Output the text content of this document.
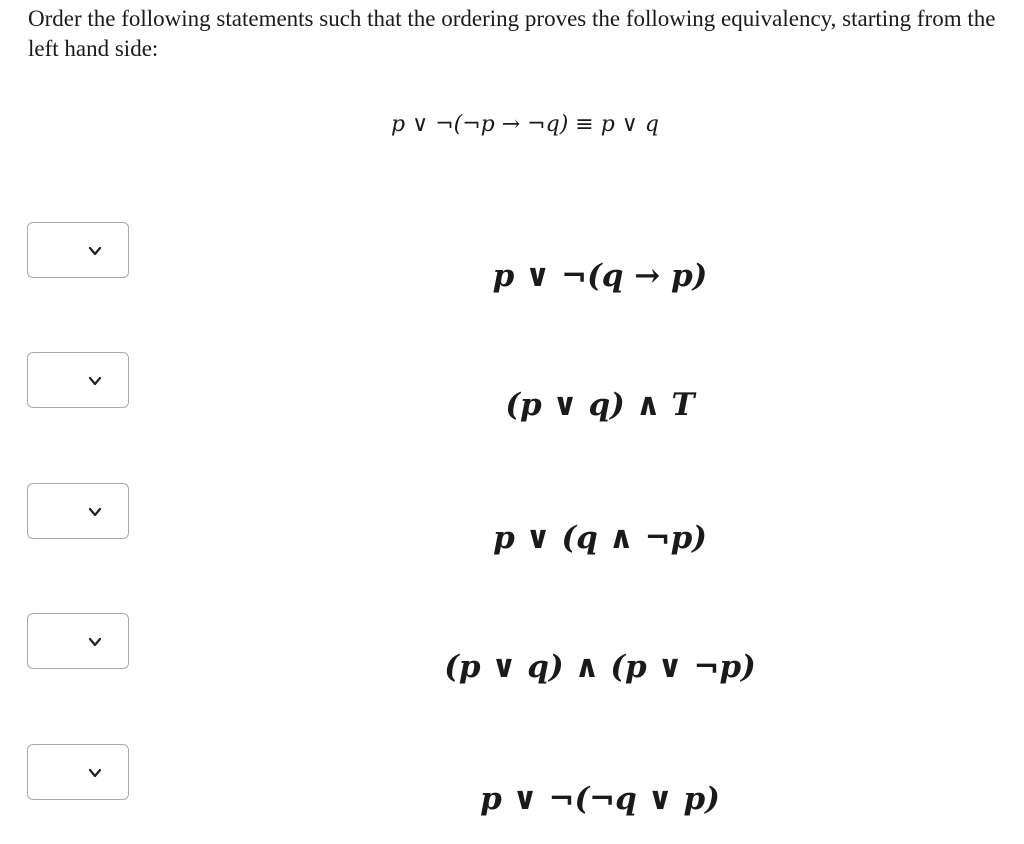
Order the following statements such that the ordering proves the following equivalency, starting from the left hand side:

p ∨ ¬(¬p → ¬q) ≡ p ∨ q
p ∨ ¬(q → p)
(p ∨ q) ∧ T
p ∨ (q ∧ ¬p)
(p ∨ q) ∧ (p ∨ ¬p)
p ∨ ¬(¬q ∨ p)
